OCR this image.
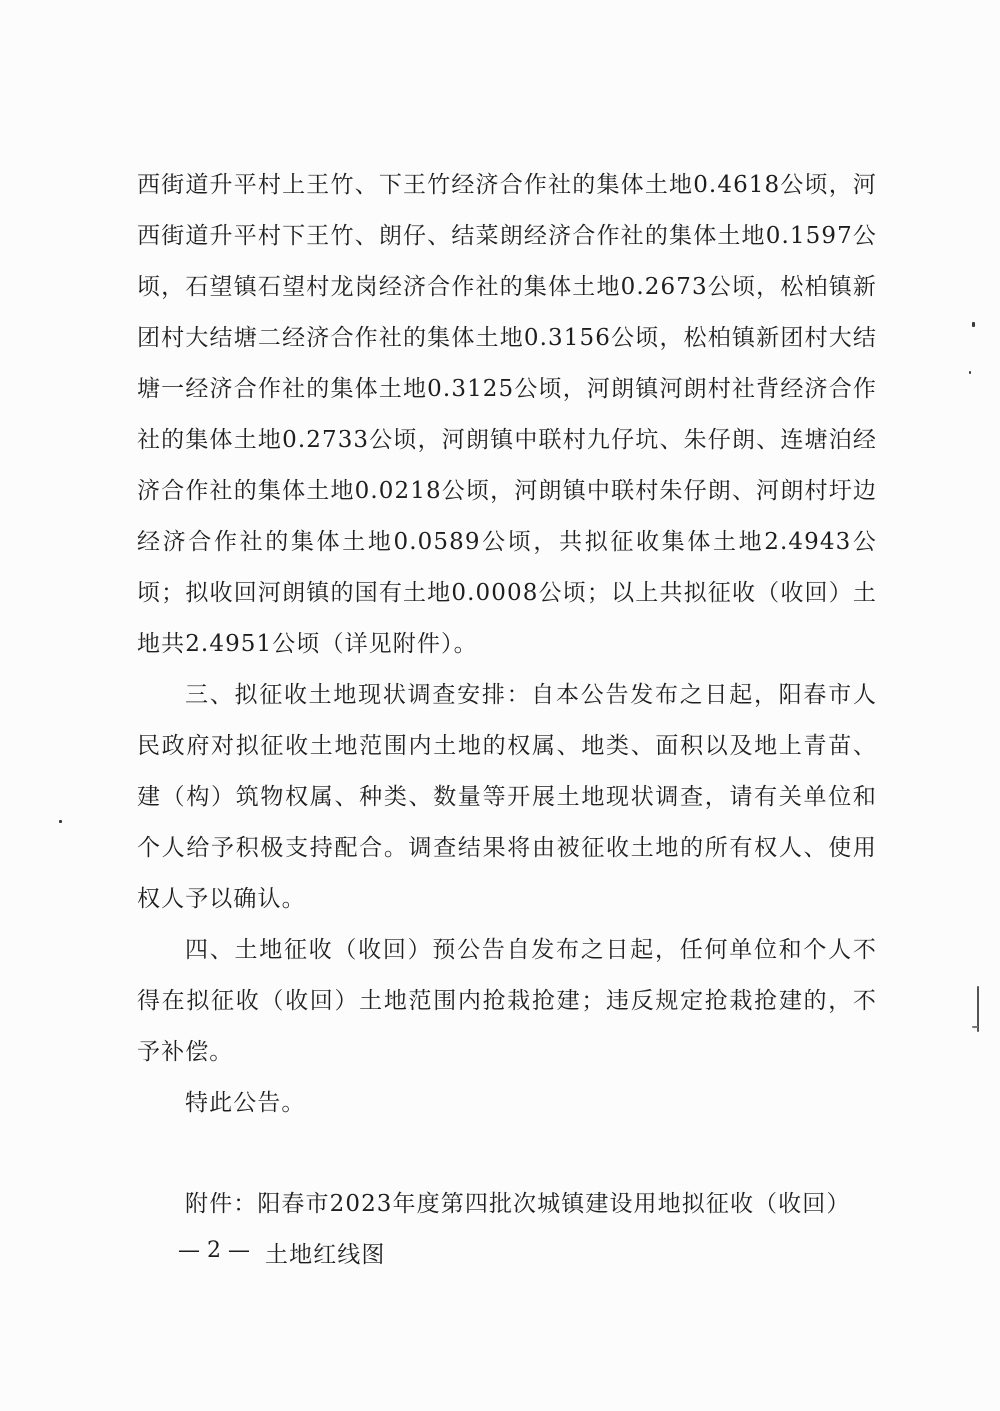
西街道升平村上王竹、下王竹经济合作社的集体土地0.4618公顷，河西街道升平村下王竹、朗仔、结菜朗经济合作社的集体土地0.1597公顷，石望镇石望村龙岗经济合作社的集体土地0.2673公顷，松柏镇新团村大结塘二经济合作社的集体土地0.3156公顷，松柏镇新团村大结塘一经济合作社的集体土地0.3125公顷，河朗镇河朗村社背经济合作社的集体土地0.2733公顷，河朗镇中联村九仔坑、朱仔朗、连塘泊经济合作社的集体土地0.0218公顷，河朗镇中联村朱仔朗、河朗村圩边经济合作社的集体土地0.0589公顷，共拟征收集体土地2.4943公顷；拟收回河朗镇的国有土地0.0008公顷；以上共拟征收（收回）土地共2.4951公顷（详见附件）。

三、拟征收土地现状调查安排：自本公告发布之日起，阳春市人民政府对拟征收土地范围内土地的权属、地类、面积以及地上青苗、建（构）筑物权属、种类、数量等开展土地现状调查，请有关单位和个人给予积极支持配合。调查结果将由被征收土地的所有权人、使用权人予以确认。

四、土地征收（收回）预公告自发布之日起，任何单位和个人不得在拟征收（收回）土地范围内抢栽抢建；违反规定抢栽抢建的，不予补偿。

特此公告。

附件：阳春市2023年度第四批次城镇建设用地拟征收（收回）

土地红线图

— 2 —
